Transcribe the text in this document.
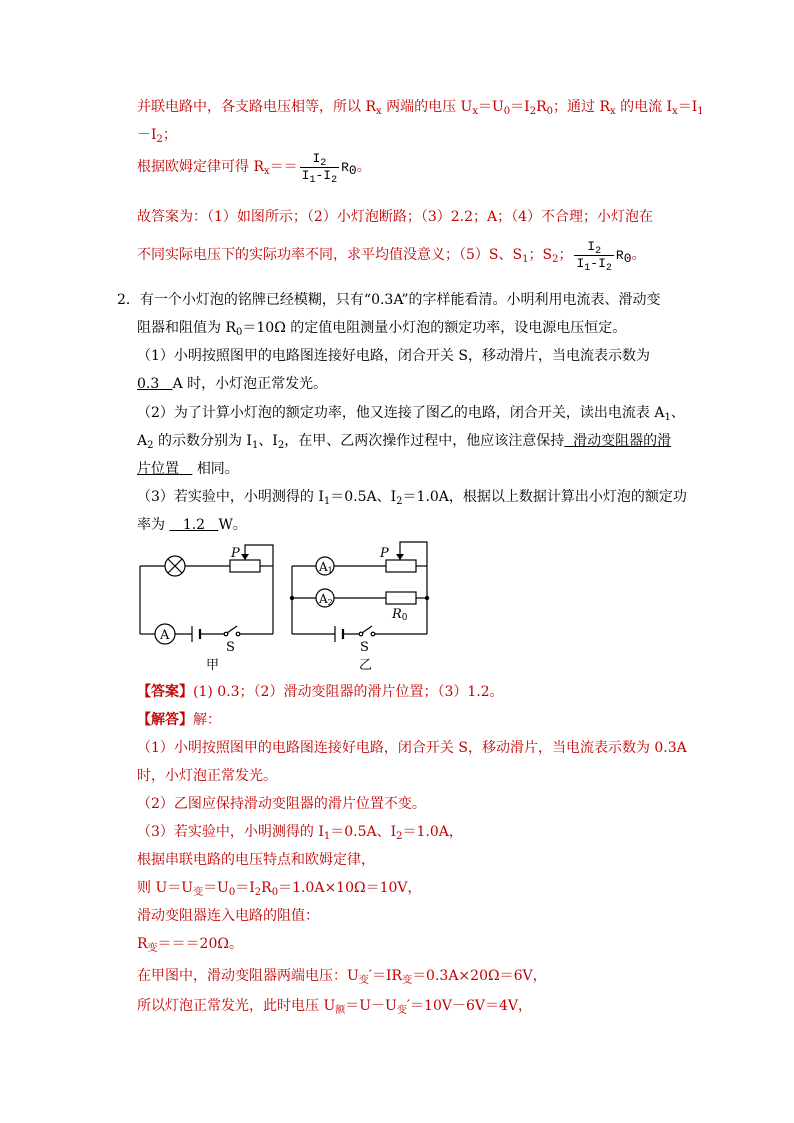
并联电路中，各支路电压相等，所以 $R_x$ 两端的电压 $U_x=U_0=I_2R_0$；通过 $R_x$ 的电流 $I_x=I_1$
$-I_2$；
根据欧姆定律可得 $R_x== \frac{I_2}{I_1-I_2} R_0$。
故答案为：（1）如图所示；（2）小灯泡断路；（3）2.2；A；（4）不合理；小灯泡在
不同实际电压下的实际功率不同，求平均值没意义；（5）S、$S_1$；$S_2$； $\frac{I_2}{I_1-I_2} R_0$。
2．有一个小灯泡的铭牌已经模糊，只有“0.3A”的字样能看清。小明利用电流表、滑动变
阻器和阻值为 $R_0=10\Omega$ 的定值电阻测量小灯泡的额定功率，设电源电压恒定。
（1）小明按照图甲的电路图连接好电路，闭合开关 S，移动滑片，当电流表示数为
0.3 A 时，小灯泡正常发光。
（2）为了计算小灯泡的额定功率，他又连接了图乙的电路，闭合开关，读出电流表 $A_1$、
$A_2$ 的示数分别为 $I_1$、$I_2$，在甲、乙两次操作过程中，他应该注意保持 滑动变阻器的滑
片位置 相同。
（3）若实验中，小明测得的 $I_1=0.5A$、$I_2=1.0A$，根据以上数据计算出小灯泡的额定功
率为 1.2 W。
P
A
S
甲
A1
A2
P
R0
S
乙
【答案】(1) 0.3；（2）滑动变阻器的滑片位置；（3）1.2。
【解答】解：
（1）小明按照图甲的电路图连接好电路，闭合开关 S，移动滑片，当电流表示数为 0.3A
时，小灯泡正常发光。
（2）乙图应保持滑动变阻器的滑片位置不变。
（3）若实验中，小明测得的 $I_1=0.5A$、$I_2=1.0A$，
根据串联电路的电压特点和欧姆定律，
则 $U=U_变=U_0=I_2R_0=1.0A\times 10\Omega=10V$，
滑动变阻器连入电路的阻值：
$R_变===20\Omega$。
在甲图中，滑动变阻器两端电压：$U_变'=IR_变=0.3A\times 20\Omega=6V$，
所以灯泡正常发光，此时电压 $U_额=U-U_变'=10V-6V=4V$，
